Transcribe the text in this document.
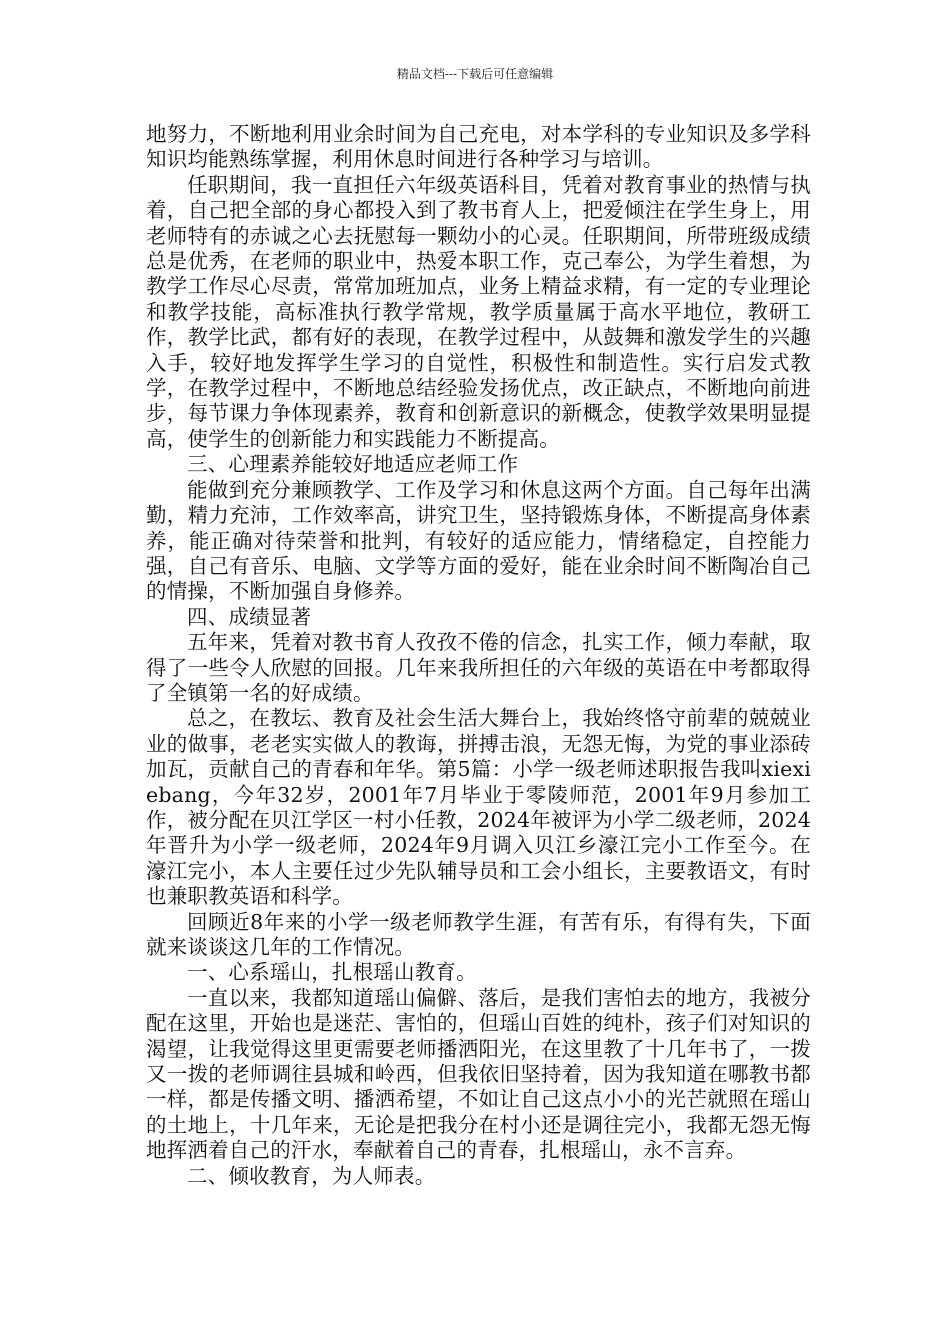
精品文档---下载后可任意编辑

地努力，不断地利用业余时间为自己充电，对本学科的专业知识及多学科知识均能熟练掌握，利用休息时间进行各种学习与培训。

任职期间，我一直担任六年级英语科目，凭着对教育事业的热情与执着，自己把全部的身心都投入到了教书育人上，把爱倾注在学生身上，用老师特有的赤诚之心去抚慰每一颗幼小的心灵。任职期间，所带班级成绩总是优秀，在老师的职业中，热爱本职工作，克己奉公，为学生着想，为教学工作尽心尽责，常常加班加点，业务上精益求精，有一定的专业理论和教学技能，高标准执行教学常规，教学质量属于高水平地位，教研工作，教学比武，都有好的表现，在教学过程中，从鼓舞和激发学生的兴趣入手，较好地发挥学生学习的自觉性，积极性和制造性。实行启发式教学，在教学过程中，不断地总结经验发扬优点，改正缺点，不断地向前进步，每节课力争体现素养，教育和创新意识的新概念，使教学效果明显提高，使学生的创新能力和实践能力不断提高。

三、心理素养能较好地适应老师工作

能做到充分兼顾教学、工作及学习和休息这两个方面。自己每年出满勤，精力充沛，工作效率高，讲究卫生，坚持锻炼身体，不断提高身体素养，能正确对待荣誉和批判，有较好的适应能力，情绪稳定，自控能力强，自己有音乐、电脑、文学等方面的爱好，能在业余时间不断陶冶自己的情操，不断加强自身修养。

四、成绩显著

五年来，凭着对教书育人孜孜不倦的信念，扎实工作，倾力奉献，取得了一些令人欣慰的回报。几年来我所担任的六年级的英语在中考都取得了全镇第一名的好成绩。

总之，在教坛、教育及社会生活大舞台上，我始终恪守前辈的兢兢业业的做事，老老实实做人的教诲，拼搏击浪，无怨无悔，为党的事业添砖加瓦，贡献自己的青春和年华。第5篇：小学一级老师述职报告我叫xiexiebang，今年32岁，2001年7月毕业于零陵师范，2001年9月参加工作，被分配在贝江学区一村小任教，2024年被评为小学二级老师，2024年晋升为小学一级老师，2024年9月调入贝江乡濠江完小工作至今。在濠江完小，本人主要任过少先队辅导员和工会小组长，主要教语文，有时也兼职教英语和科学。

回顾近8年来的小学一级老师教学生涯，有苦有乐，有得有失，下面就来谈谈这几年的工作情况。

一、心系瑶山，扎根瑶山教育。

一直以来，我都知道瑶山偏僻、落后，是我们害怕去的地方，我被分配在这里，开始也是迷茫、害怕的，但瑶山百姓的纯朴，孩子们对知识的渴望，让我觉得这里更需要老师播洒阳光，在这里教了十几年书了，一拨又一拨的老师调往县城和岭西，但我依旧坚持着，因为我知道在哪教书都一样，都是传播文明、播洒希望，不如让自己这点小小的光芒就照在瑶山的土地上，十几年来，无论是把我分在村小还是调往完小，我都无怨无悔地挥洒着自己的汗水，奉献着自己的青春，扎根瑶山，永不言弃。

二、倾收教育，为人师表。
